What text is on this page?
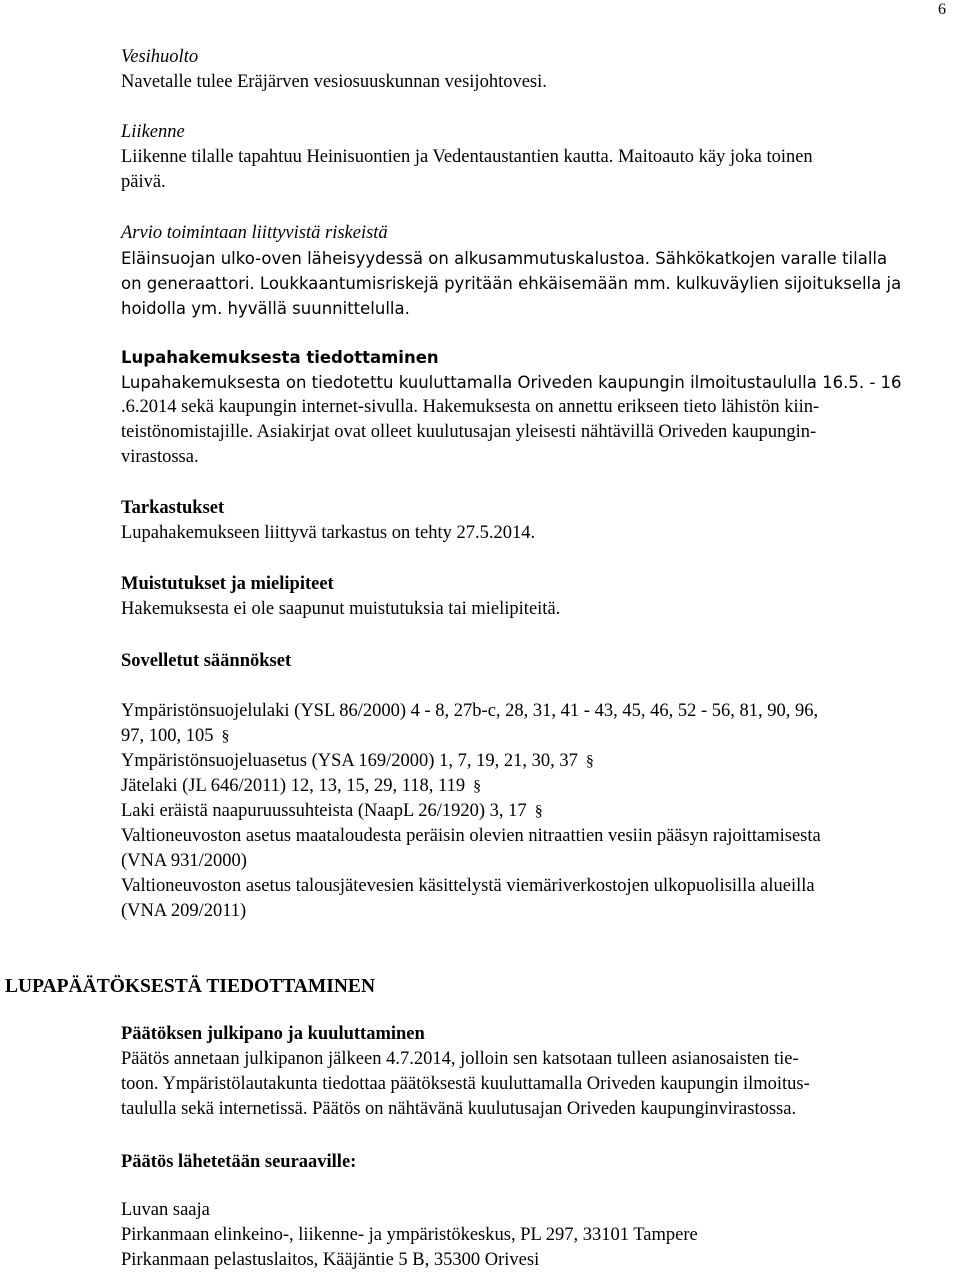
6

Vesihuolto

Navetalle tulee Eräjärven vesiosuuskunnan vesijohtovesi.

Liikenne

Liikenne tilalle tapahtuu Heinisuontien ja Vedentaustantien kautta. Maitoauto käy joka toinen

päivä.

Arvio toimintaan liittyvistä riskeistä

Eläinsuojan ulko-oven läheisyydessä on alkusammutuskalustoa. Sähkökatkojen varalle tilalla

on generaattori. Loukkaantumisriskejä pyritään ehkäisemään mm. kulkuväylien sijoituksella ja

hoidolla ym. hyvällä suunnittelulla.

Lupahakemuksesta tiedottaminen

Lupahakemuksesta on tiedotettu kuuluttamalla Oriveden kaupungin ilmoitustaululla 16.5. - 16

.6.2014 sekä kaupungin internet-sivulla. Hakemuksesta on annettu erikseen tieto lähistön kiin-

teistönomistajille. Asiakirjat ovat olleet kuulutusajan yleisesti nähtävillä Oriveden kaupungin-

virastossa.

Tarkastukset

Lupahakemukseen liittyvä tarkastus on tehty 27.5.2014.

Muistutukset ja mielipiteet

Hakemuksesta ei ole saapunut muistutuksia tai mielipiteitä.

Sovelletut säännökset

Ympäristönsuojelulaki (YSL 86/2000) 4 - 8, 27b-c, 28, 31, 41 - 43, 45, 46, 52 - 56, 81, 90, 96,

97, 100, 105 §

Ympäristönsuojeluasetus (YSA 169/2000) 1, 7, 19, 21, 30, 37 §

Jätelaki (JL 646/2011) 12, 13, 15, 29, 118, 119 §

Laki eräistä naapuruussuhteista (NaapL 26/1920) 3, 17 §

Valtioneuvoston asetus maataloudesta peräisin olevien nitraattien vesiin pääsyn rajoittamisesta

(VNA 931/2000)

Valtioneuvoston asetus talousjätevesien käsittelystä viemäriverkostojen ulkopuolisilla alueilla

(VNA 209/2011)

LUPAPÄÄTÖKSESTÄ TIEDOTTAMINEN

Päätöksen julkipano ja kuuluttaminen

Päätös annetaan julkipanon jälkeen 4.7.2014, jolloin sen katsotaan tulleen asianosaisten tie-

toon. Ympäristölautakunta tiedottaa päätöksestä kuuluttamalla Oriveden kaupungin ilmoitus-

taululla sekä internetissä. Päätös on nähtävänä kuulutusajan Oriveden kaupunginvirastossa.

Päätös lähetetään seuraaville:

Luvan saaja

Pirkanmaan elinkeino-, liikenne- ja ympäristökeskus, PL 297, 33101 Tampere

Pirkanmaan pelastuslaitos, Kääjäntie 5 B, 35300 Orivesi
